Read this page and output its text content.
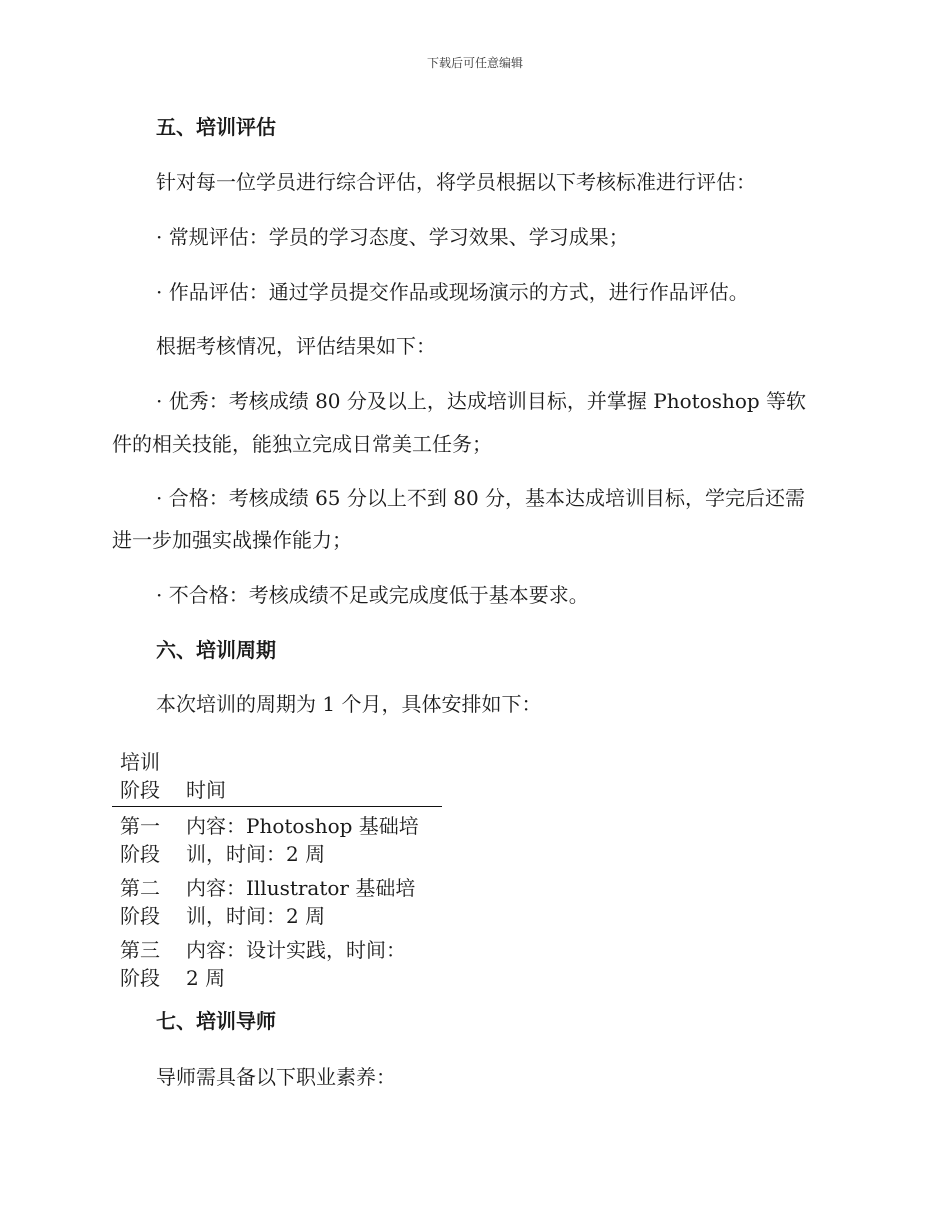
下载后可任意编辑
五、培训评估
针对每一位学员进行综合评估，将学员根据以下考核标准进行评估：
· 常规评估：学员的学习态度、学习效果、学习成果；
· 作品评估：通过学员提交作品或现场演示的方式，进行作品评估。
根据考核情况，评估结果如下：
· 优秀：考核成绩 80 分及以上，达成培训目标，并掌握 Photoshop 等软
件的相关技能，能独立完成日常美工任务；
· 合格：考核成绩 65 分以上不到 80 分，基本达成培训目标，学完后还需
进一步加强实战操作能力；
· 不合格：考核成绩不足或完成度低于基本要求。
六、培训周期
本次培训的周期为 1 个月，具体安排如下：
培训
阶段 时间
第一
阶段
内容：Photoshop 基础培
训，时间：2 周
第二
阶段
内容：Illustrator 基础培
训，时间：2 周
第三
阶段
内容：设计实践，时间：
2 周
七、培训导师
导师需具备以下职业素养：
